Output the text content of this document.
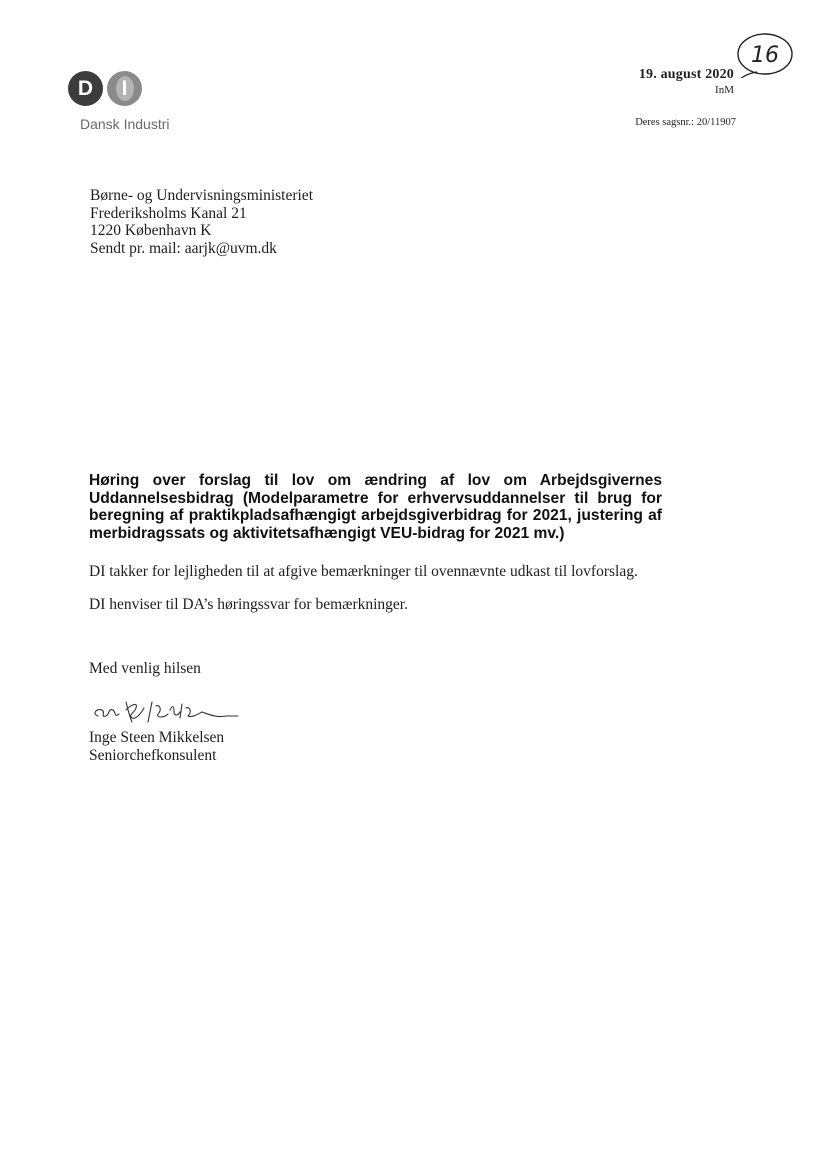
D	I
Dansk Industri
16
19. august 2020
InM
Deres sagsnr.: 20/11907
Børne- og Undervisningsministeriet
Frederiksholms Kanal 21
1220 København K
Sendt pr. mail: aarjk@uvm.dk
Høring over forslag til lov om ændring af lov om Arbejdsgivernes Uddannelsesbidrag (Modelparametre for erhvervsuddannelser til brug for beregning af praktikpladsafhængigt arbejdsgiverbidrag for 2021, justering af merbidragssats og aktivitetsafhængigt VEU-bidrag for 2021 mv.)
DI takker for lejligheden til at afgive bemærkninger til ovennævnte udkast til lovforslag.
DI henviser til DA’s høringssvar for bemærkninger.
Med venlig hilsen
Inge Steen Mikkelsen
Seniorchefkonsulent
